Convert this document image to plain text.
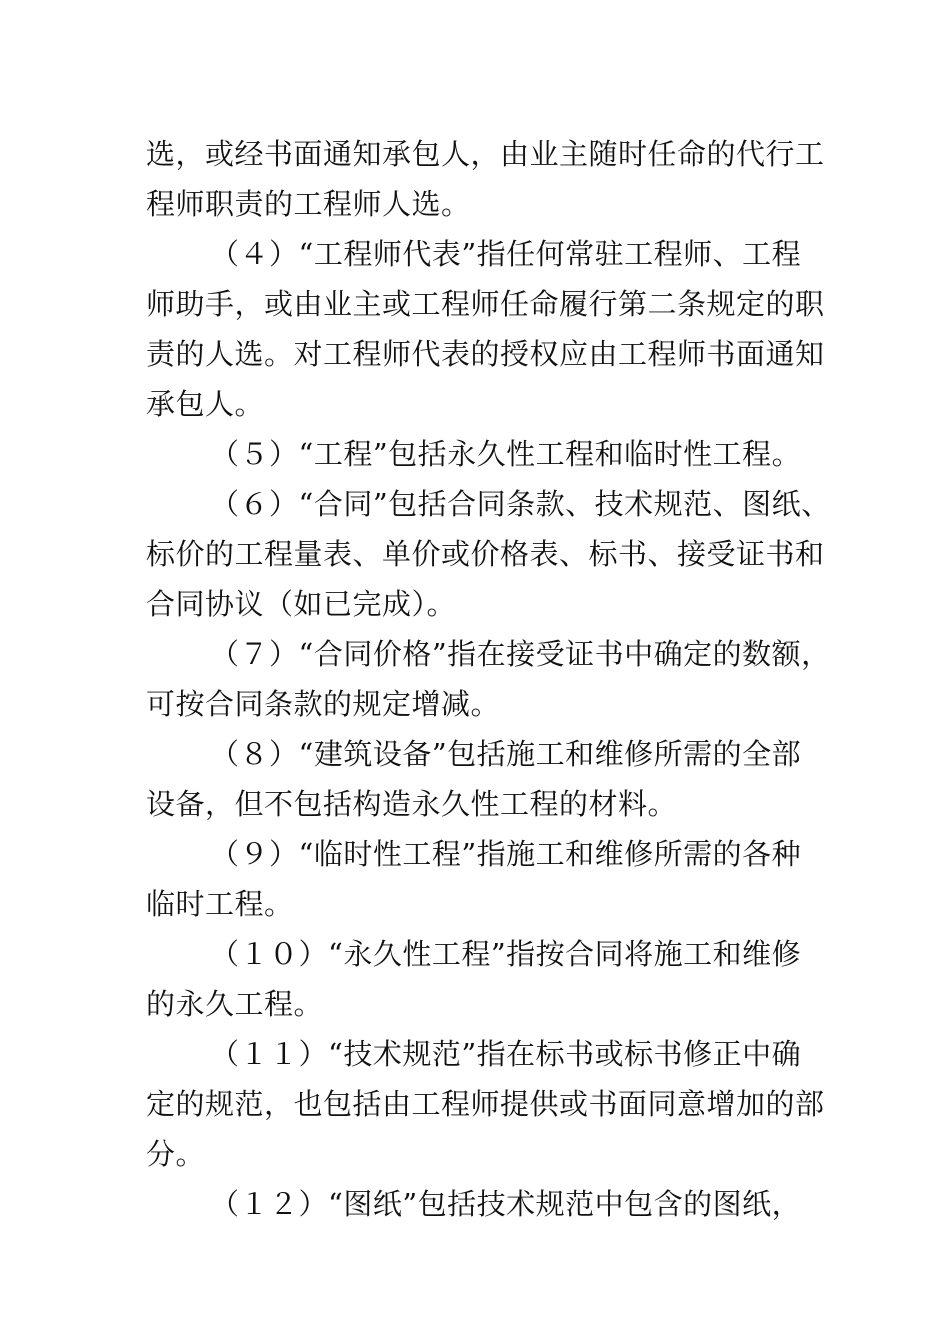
选，或经书面通知承包人，由业主随时任命的代行工
程师职责的工程师人选。
（４）“工程师代表”指任何常驻工程师、工程
师助手，或由业主或工程师任命履行第二条规定的职
责的人选。对工程师代表的授权应由工程师书面通知
承包人。
（５）“工程”包括永久性工程和临时性工程。
（６）“合同”包括合同条款、技术规范、图纸、
标价的工程量表、单价或价格表、标书、接受证书和
合同协议（如已完成）。
（７）“合同价格”指在接受证书中确定的数额，
可按合同条款的规定增减。
（８）“建筑设备”包括施工和维修所需的全部
设备，但不包括构造永久性工程的材料。
（９）“临时性工程”指施工和维修所需的各种
临时工程。
（１０）“永久性工程”指按合同将施工和维修
的永久工程。
（１１）“技术规范”指在标书或标书修正中确
定的规范，也包括由工程师提供或书面同意增加的部
分。
（１２）“图纸”包括技术规范中包含的图纸，
